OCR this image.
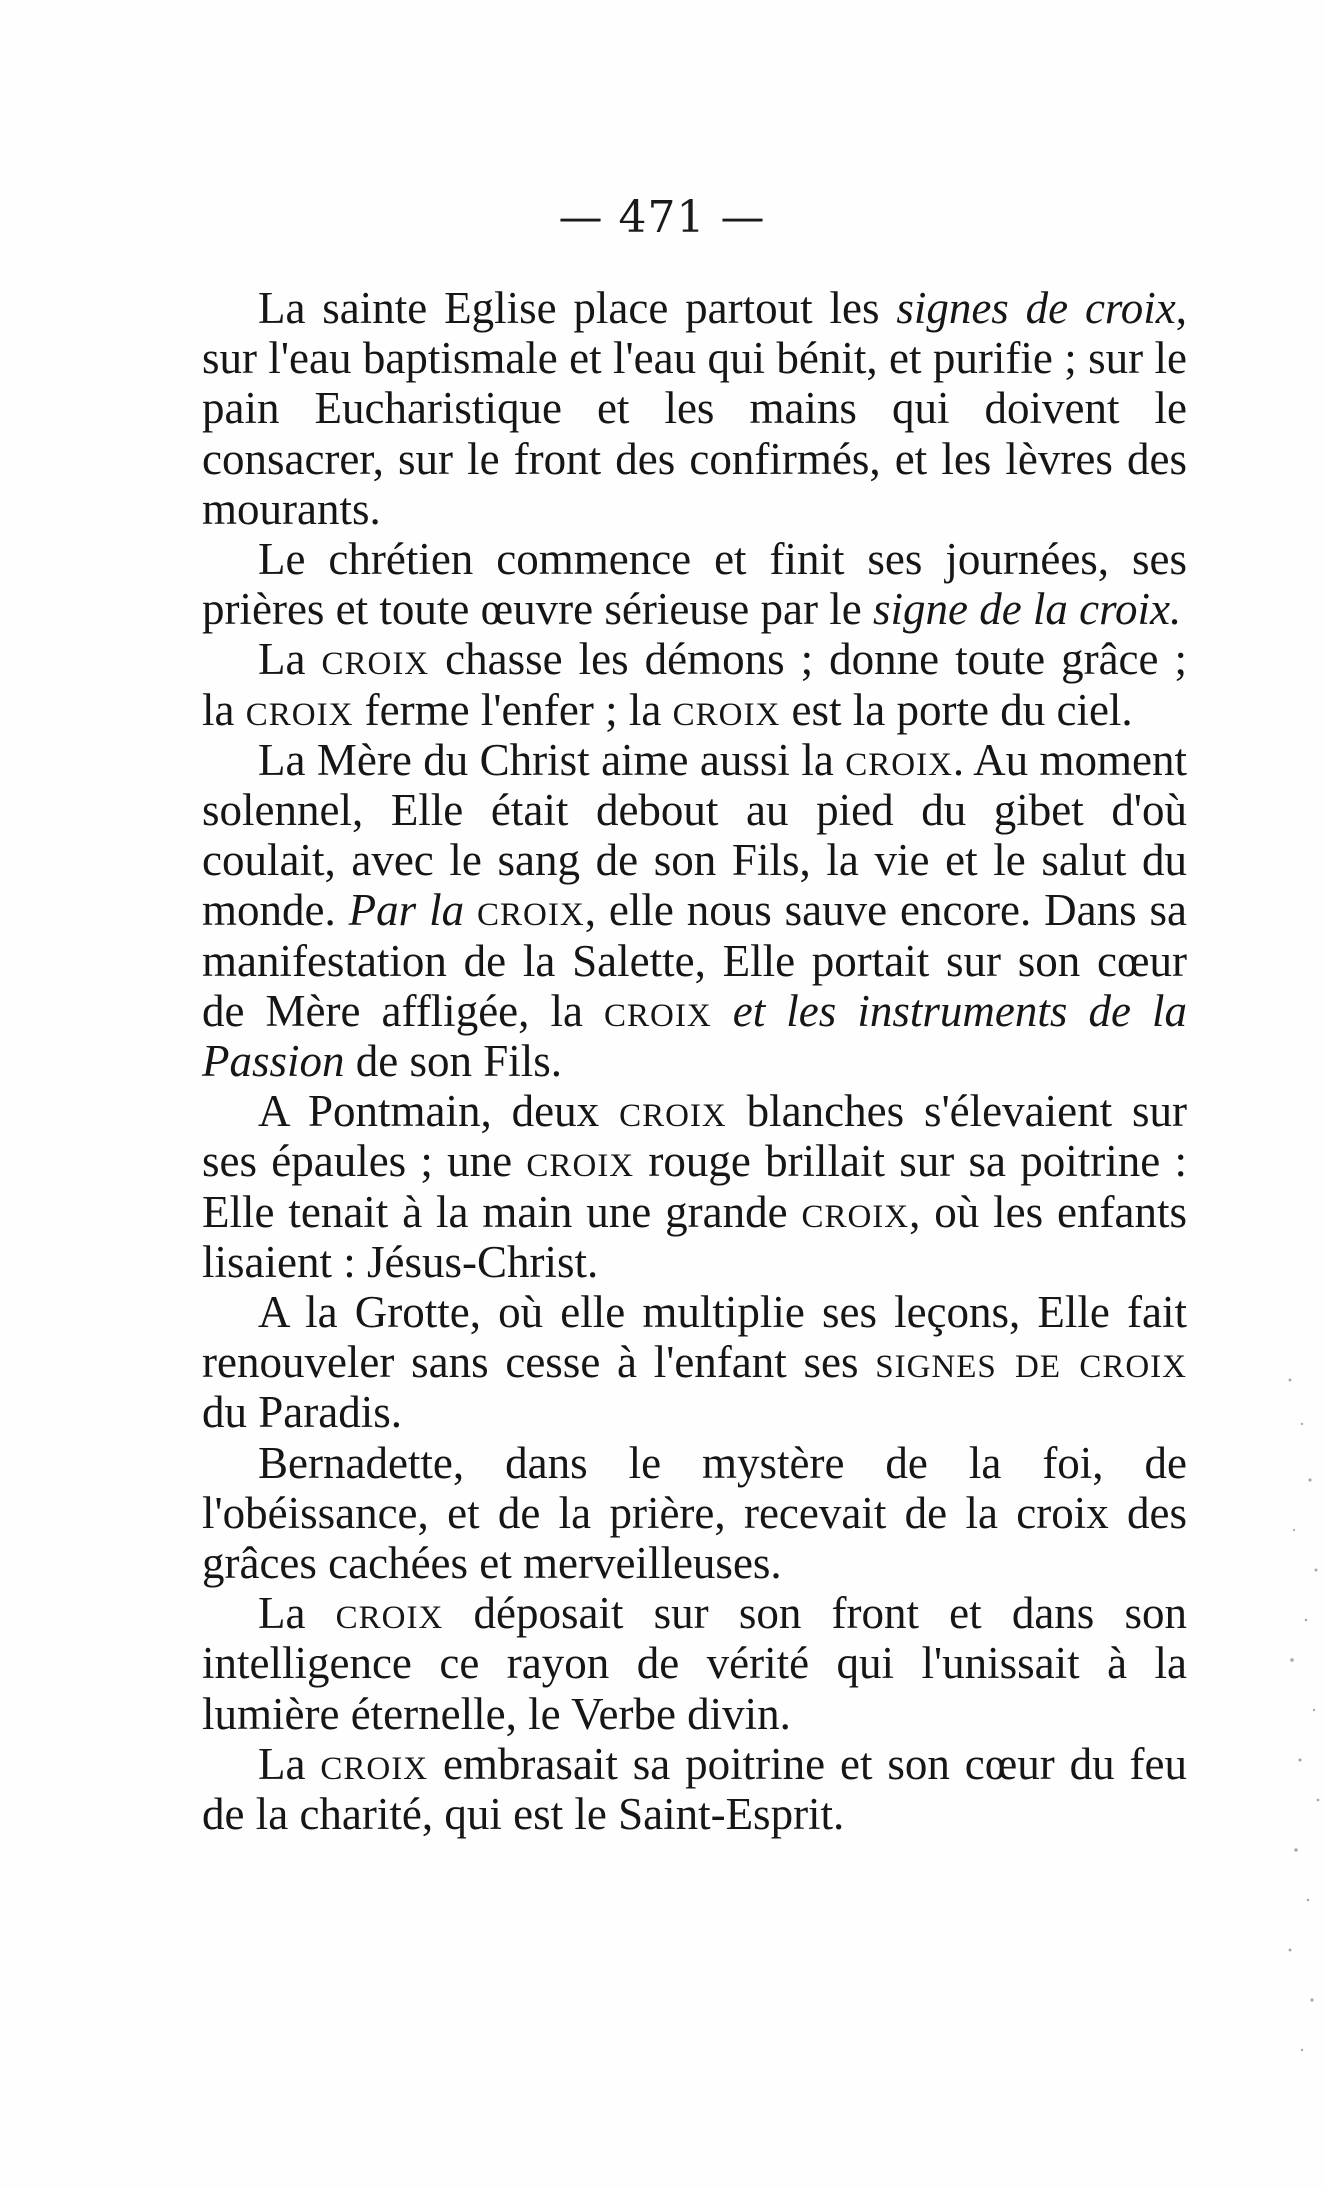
— 471 —

La sainte Eglise place partout les signes de croix, sur l'eau baptismale et l'eau qui bénit, et purifie ; sur le pain Eucharistique et les mains qui doivent le consacrer, sur le front des confirmés, et les lèvres des mourants.

Le chrétien commence et finit ses journées, ses prières et toute œuvre sérieuse par le signe de la croix.

La croix chasse les démons ; donne toute grâce ; la croix ferme l'enfer ; la croix est la porte du ciel.

La Mère du Christ aime aussi la croix. Au moment solennel, Elle était debout au pied du gibet d'où coulait, avec le sang de son Fils, la vie et le salut du monde. Par la croix, elle nous sauve encore. Dans sa manifestation de la Salette, Elle portait sur son cœur de Mère affligée, la croix et les instruments de la Passion de son Fils.

A Pontmain, deux croix blanches s'élevaient sur ses épaules ; une croix rouge brillait sur sa poitrine : Elle tenait à la main une grande croix, où les enfants lisaient : Jésus-Christ.

A la Grotte, où elle multiplie ses leçons, Elle fait renouveler sans cesse à l'enfant ses signes de croix du Paradis.

Bernadette, dans le mystère de la foi, de l'obéissance, et de la prière, recevait de la croix des grâces cachées et merveilleuses.

La croix déposait sur son front et dans son intelligence ce rayon de vérité qui l'unissait à la lumière éternelle, le Verbe divin.

La croix embrasait sa poitrine et son cœur du feu de la charité, qui est le Saint-Esprit.
